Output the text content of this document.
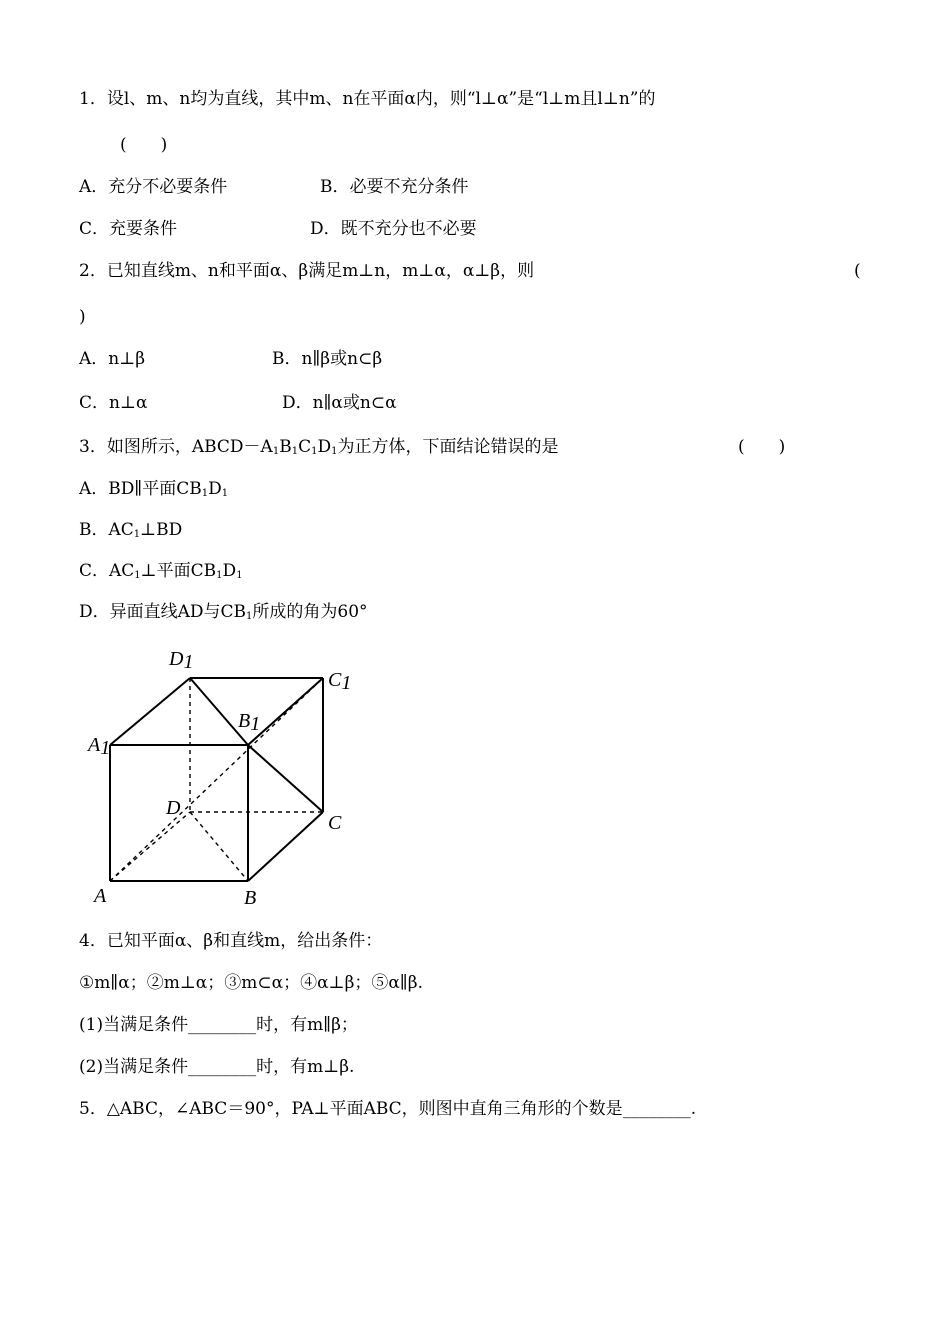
1．设l、m、n均为直线，其中m、n在平面α内，则“l⊥α”是“l⊥m且l⊥n”的
(　　)
A．充分不必要条件	B．必要不充分条件
C．充要条件	D．既不充分也不必要
2．已知直线m、n和平面α、β满足m⊥n，m⊥α，α⊥β，则	(
)
A．n⊥β	B．n∥β或n⊂β
C．n⊥α	D．n∥α或n⊂α
3．如图所示，$ABCD-A_1B_1C_1D_1$为正方体，下面结论错误的是	(　　)
A．BD∥平面$CB_1D_1$
B．$AC_1\perp BD$
C．$AC_1\perp$平面$CB_1D_1$
D．异面直线AD与$CB_1$所成的角为60°
D1
C1
B1
A1
D
C
A	B
4．已知平面α、β和直线m，给出条件：
①m∥α；②m⊥α；③m⊂α；④α⊥β；⑤α∥β.
(1)当满足条件________时，有m∥β；
(2)当满足条件________时，有m⊥β.
5．△ABC，∠ABC＝90°，PA⊥平面ABC，则图中直角三角形的个数是________.
